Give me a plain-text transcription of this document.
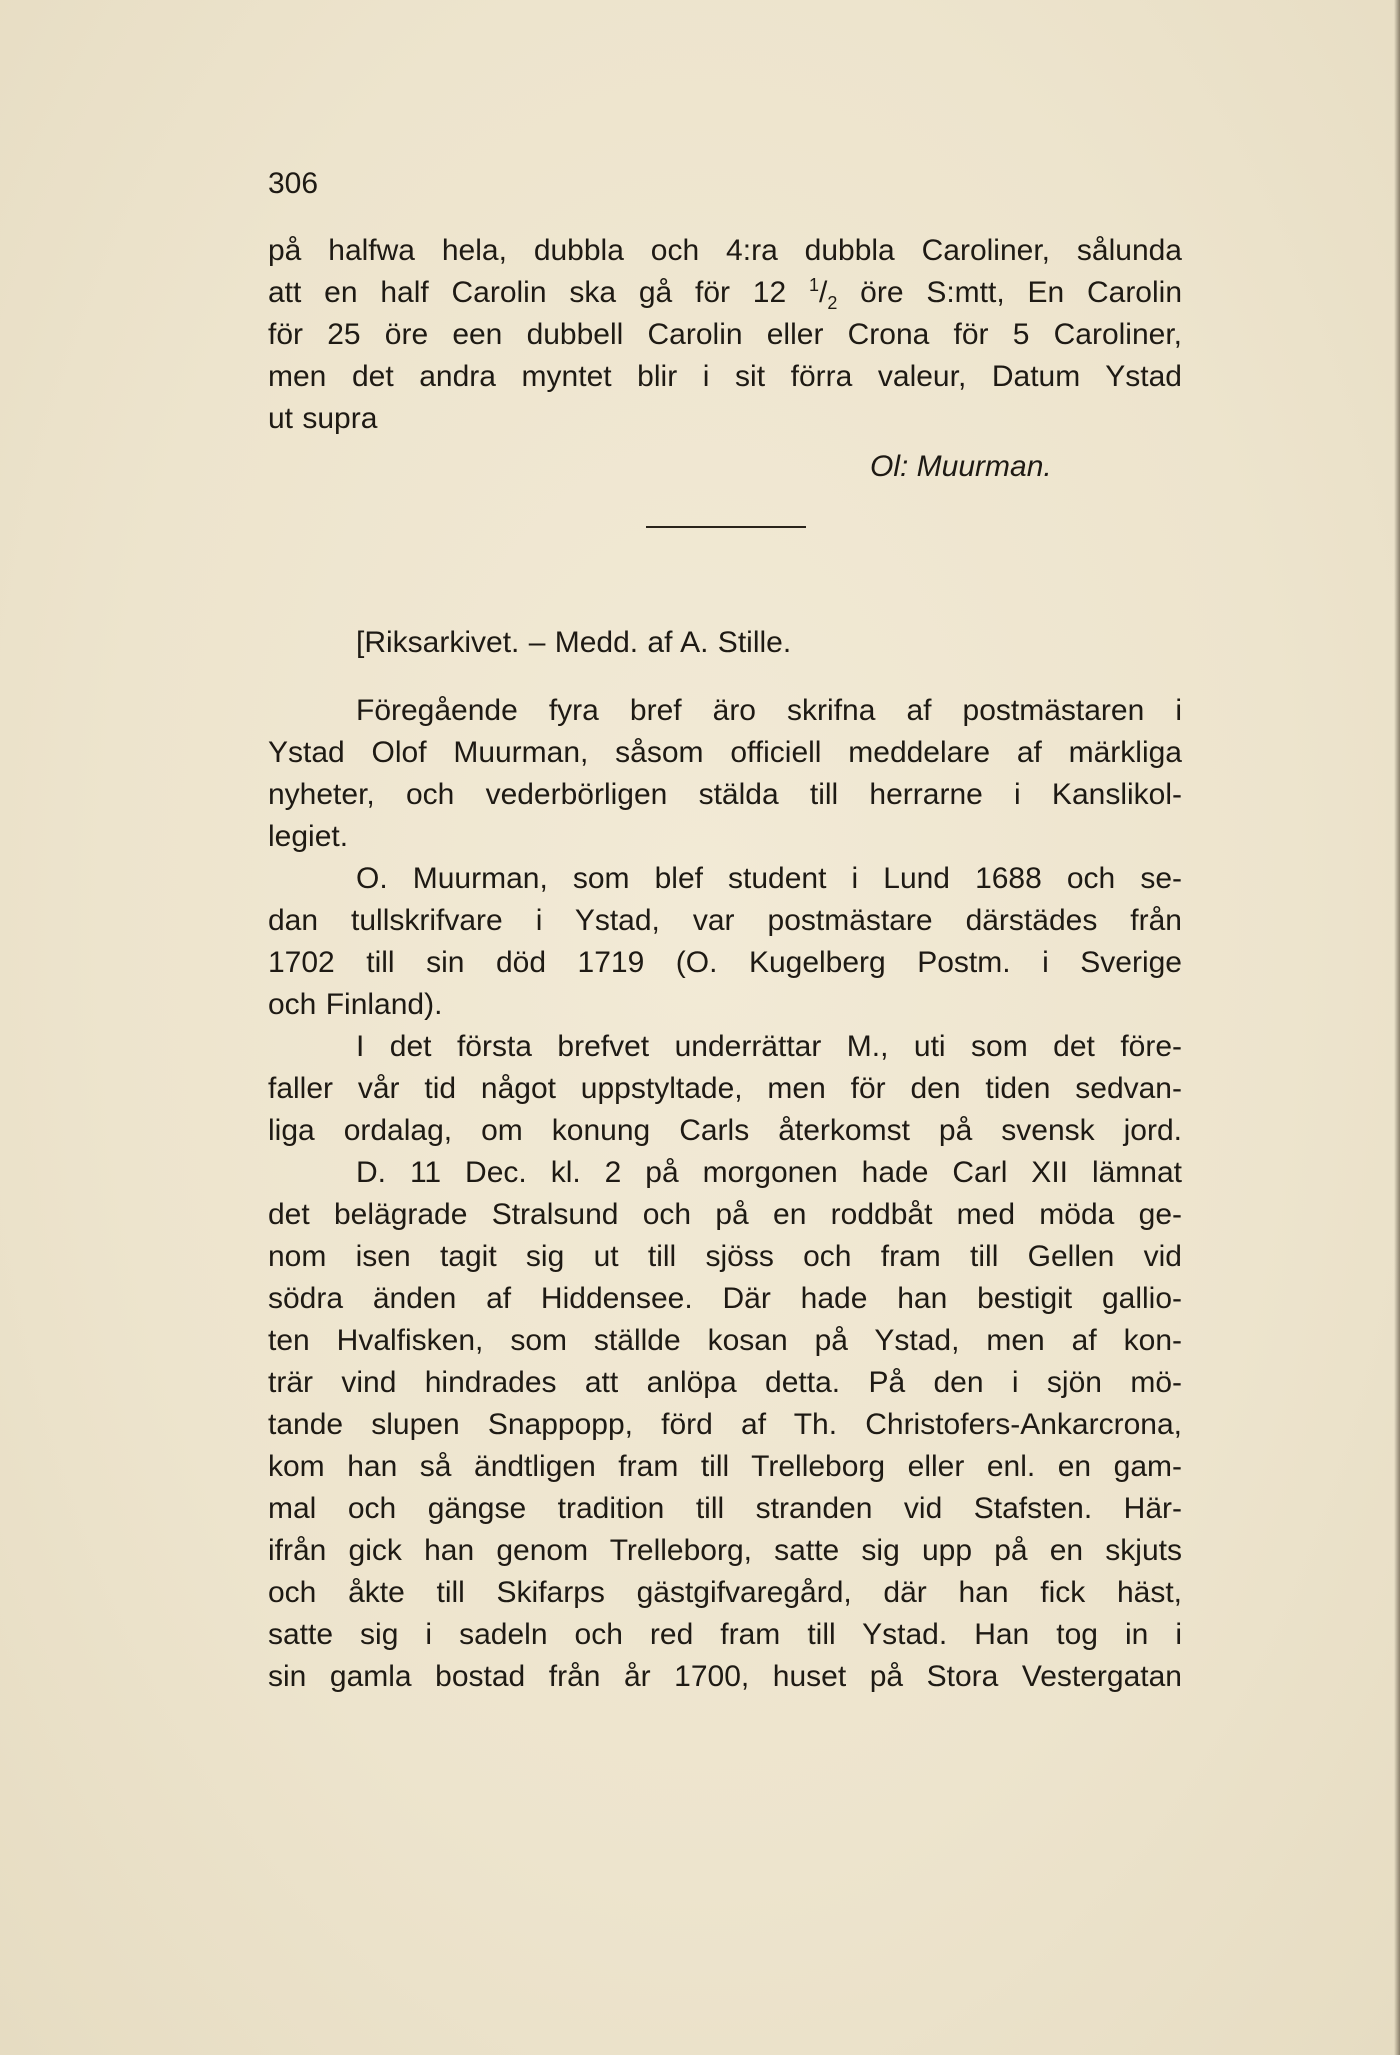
306
på halfwa hela, dubbla och 4:ra dubbla Caroliner, sålunda
att en half Carolin ska gå för 12 $^1/_2$ öre S:mtt, En Carolin
för 25 öre een dubbell Carolin eller Crona för 5 Caroliner,
men det andra myntet blir i sit förra valeur, Datum Ystad
ut supra
Ol: Muurman.
[Riksarkivet. – Medd. af A. Stille.
Föregående fyra bref äro skrifna af postmästaren i
Ystad Olof Muurman, såsom officiell meddelare af märkliga
nyheter, och vederbörligen stälda till herrarne i Kanslikol-
legiet.
O. Muurman, som blef student i Lund 1688 och se-
dan tullskrifvare i Ystad, var postmästare därstädes från
1702 till sin död 1719 (O. Kugelberg Postm. i Sverige
och Finland).
I det första brefvet underrättar M., uti som det före-
faller vår tid något uppstyltade, men för den tiden sedvan-
liga ordalag, om konung Carls återkomst på svensk jord.
D. 11 Dec. kl. 2 på morgonen hade Carl XII lämnat
det belägrade Stralsund och på en roddbåt med möda ge-
nom isen tagit sig ut till sjöss och fram till Gellen vid
södra änden af Hiddensee. Där hade han bestigit gallio-
ten Hvalfisken, som ställde kosan på Ystad, men af kon-
trär vind hindrades att anlöpa detta. På den i sjön mö-
tande slupen Snappopp, förd af Th. Christofers-Ankarcrona,
kom han så ändtligen fram till Trelleborg eller enl. en gam-
mal och gängse tradition till stranden vid Stafsten. Här-
ifrån gick han genom Trelleborg, satte sig upp på en skjuts
och åkte till Skifarps gästgifvaregård, där han fick häst,
satte sig i sadeln och red fram till Ystad. Han tog in i
sin gamla bostad från år 1700, huset på Stora Vestergatan
